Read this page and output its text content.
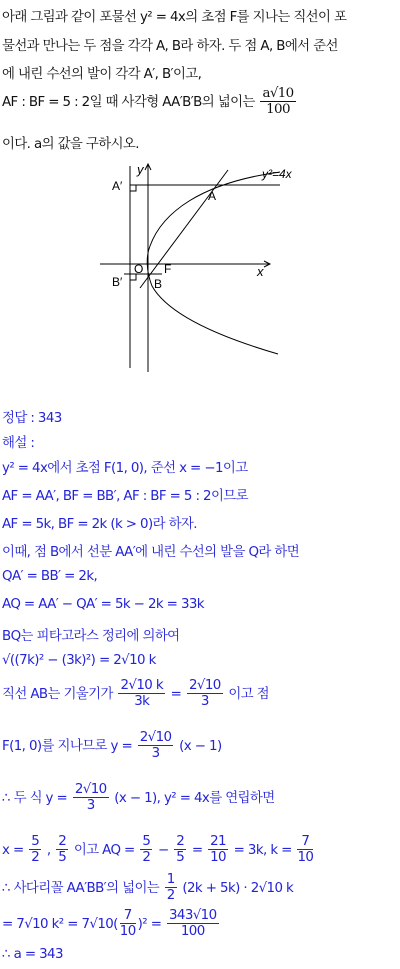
아래 그림과 같이 포물선 y² = 4x의 초점 F를 지나는 직선이 포
물선과 만나는 두 점을 각각 A, B라 하자. 두 점 A, B에서 준선
에 내린 수선의 발이 각각 A′, B′이고,
AF : BF = 5 : 2일 때 사각형 AA′B′B의 넓이는 $\frac{a√10}{100}$
이다. a의 값을 구하시오.
y
x
y²=4x
A
A′
O F
B′	B
정답 : 343
해설 :
y² = 4x에서 초점 F(1, 0), 준선 x = −1이고
AF = AA′, BF = BB′, AF : BF = 5 : 2이므로
AF = 5k, BF = 2k (k > 0)라 하자.
이때, 점 B에서 선분 AA′에 내린 수선의 발을 Q라 하면
QA′ = BB′ = 2k,
AQ = AA′ − QA′ = 5k − 2k = 33k
BQ는 피타고라스 정리에 의하여
√((7k)² − (3k)²) = 2√10 k
직선 AB는 기울기가 $\frac{2√10 k}{3k} = \frac{2√10}{3}$ 이고 점
F(1, 0)를 지나므로 $y = \frac{2√10}{3} (x - 1)$
∴ 두 식 $y = \frac{2√10}{3} (x - 1)$, y² = 4x를 연립하면
$x = \frac{5}{2}$ , $\frac{2}{5}$ 이고 AQ = $\frac{5}{2} - \frac{2}{5} = \frac{21}{10} = 3k$, $k = \frac{7}{10}$
∴ 사다리꼴 AA′BB′의 넓이는 $\frac{1}{2} (2k + 5k) \cdot 2√10$ k
= 7√10 $k^2 = 7√10( \frac{7}{10} )^2 = \frac{343√10}{100}$
∴ a = 343
